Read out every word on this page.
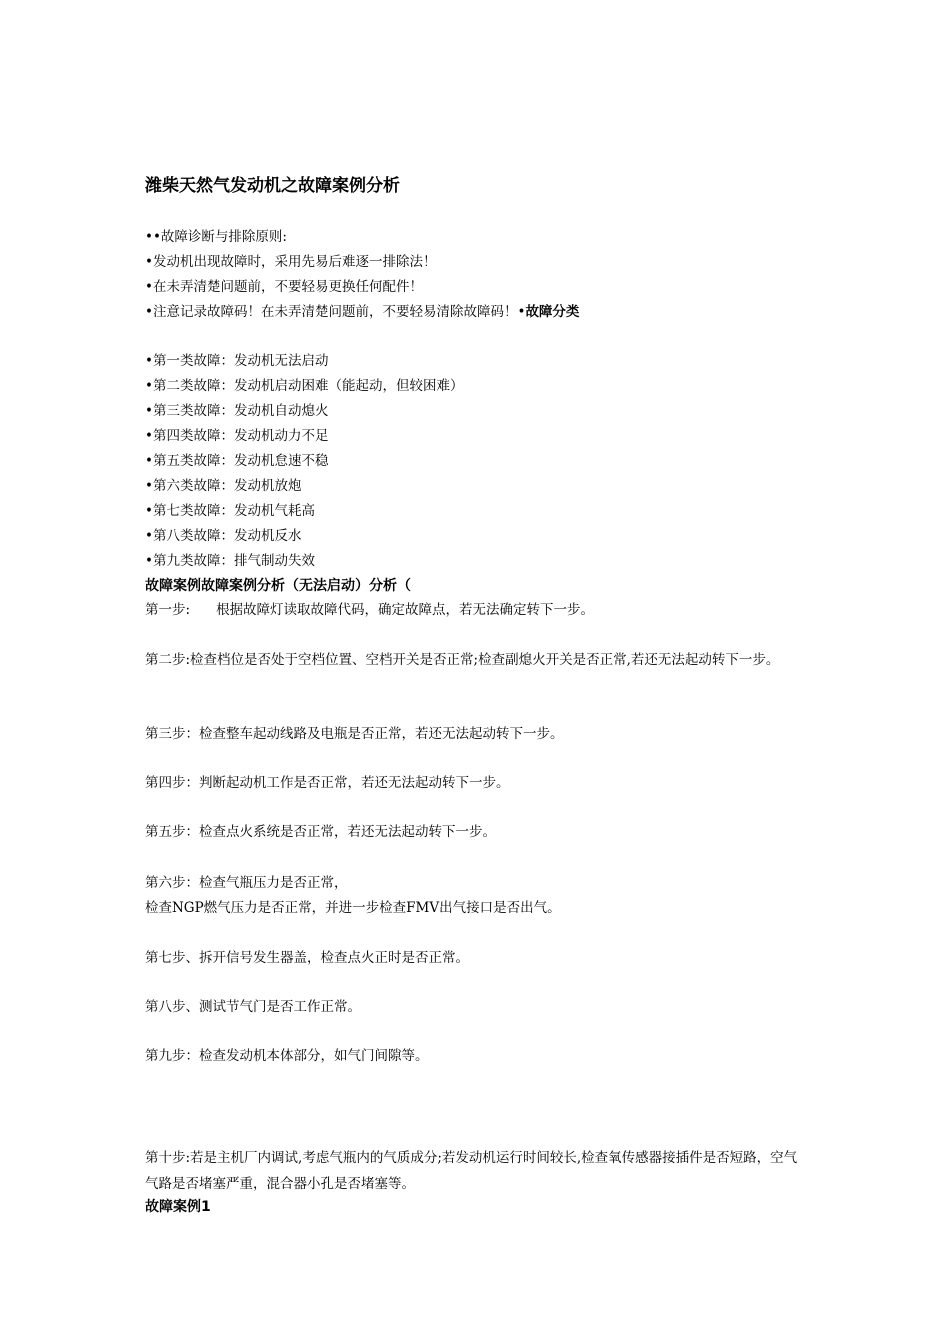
潍柴天然气发动机之故障案例分析
••故障诊断与排除原则:
•发动机出现故障时，采用先易后难逐一排除法！
•在未弄清楚问题前，不要轻易更换任何配件！
•注意记录故障码！在未弄清楚问题前，不要轻易清除故障码！•故障分类
•第一类故障：发动机无法启动
•第二类故障：发动机启动困难（能起动，但较困难）
•第三类故障：发动机自动熄火
•第四类故障：发动机动力不足
•第五类故障：发动机怠速不稳
•第六类故障：发动机放炮
•第七类故障：发动机气耗高
•第八类故障：发动机反水
•第九类故障：排气制动失效
故障案例故障案例分析（无法启动）分析（
第一步: 根据故障灯读取故障代码，确定故障点，若无法确定转下一步。
第二步:检查档位是否处于空档位置、空档开关是否正常;检查副熄火开关是否正常,若还无法起动转下一步。
第三步：检查整车起动线路及电瓶是否正常，若还无法起动转下一步。
第四步：判断起动机工作是否正常，若还无法起动转下一步。
第五步：检查点火系统是否正常，若还无法起动转下一步。
第六步：检查气瓶压力是否正常，
检查NGP燃气压力是否正常，并进一步检查FMV出气接口是否出气。
第七步、拆开信号发生器盖，检查点火正时是否正常。
第八步、测试节气门是否工作正常。
第九步：检查发动机本体部分，如气门间隙等。
第十步:若是主机厂内调试,考虑气瓶内的气质成分;若发动机运行时间较长,检查氧传感器接插件是否短路，空气气路是否堵塞严重，混合器小孔是否堵塞等。
故障案例1
